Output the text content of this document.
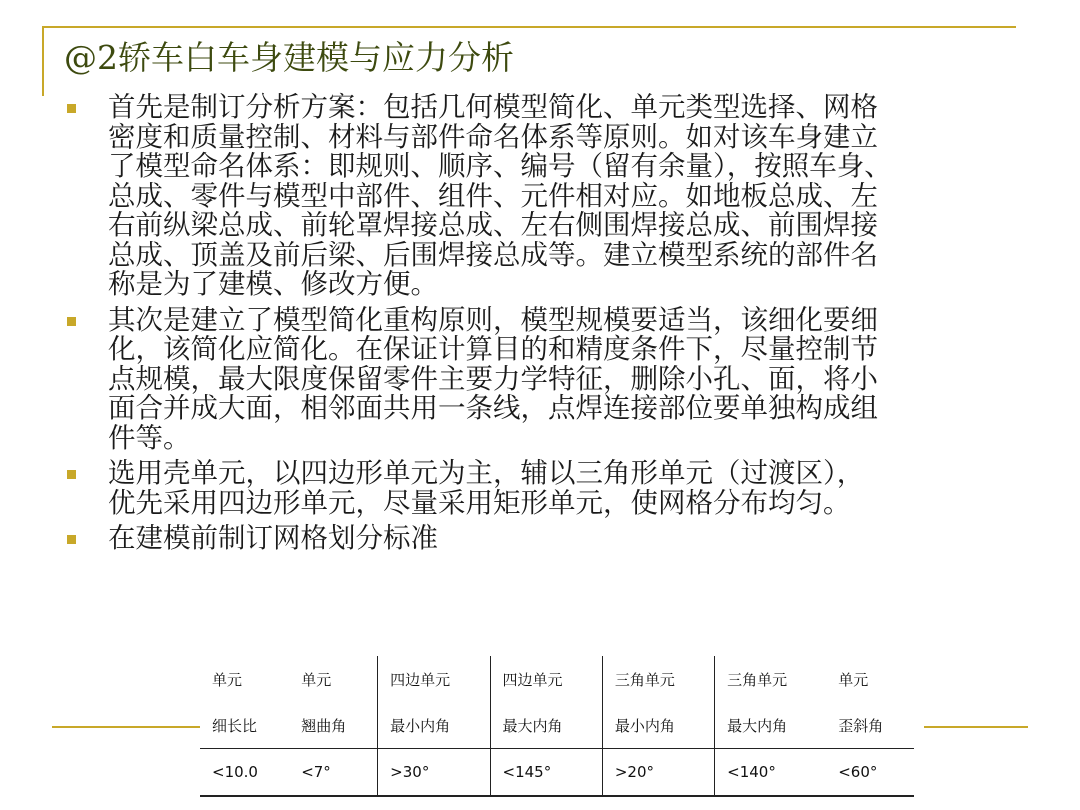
@2轿车白车身建模与应力分析
首先是制订分析方案：包括几何模型简化、单元类型选择、网格
密度和质量控制、材料与部件命名体系等原则。如对该车身建立
了模型命名体系：即规则、顺序、编号（留有余量），按照车身、
总成、零件与模型中部件、组件、元件相对应。如地板总成、左
右前纵梁总成、前轮罩焊接总成、左右侧围焊接总成、前围焊接
总成、顶盖及前后梁、后围焊接总成等。建立模型系统的部件名
称是为了建模、修改方便。
其次是建立了模型简化重构原则，模型规模要适当，该细化要细
化，该简化应简化。在保证计算目的和精度条件下，尽量控制节
点规模，最大限度保留零件主要力学特征，删除小孔、面，将小
面合并成大面，相邻面共用一条线，点焊连接部位要单独构成组
件等。
选用壳单元，以四边形单元为主，辅以三角形单元（过渡区），
优先采用四边形单元，尽量采用矩形单元，使网格分布均匀。
在建模前制订网格划分标准
单元	单元	四边单元	四边单元	三角单元	三角单元	单元
细长比	翘曲角	最小内角	最大内角	最小内角	最大内角	歪斜角
<10.0	<7°	>30°	<145°	>20°	<140°	<60°
